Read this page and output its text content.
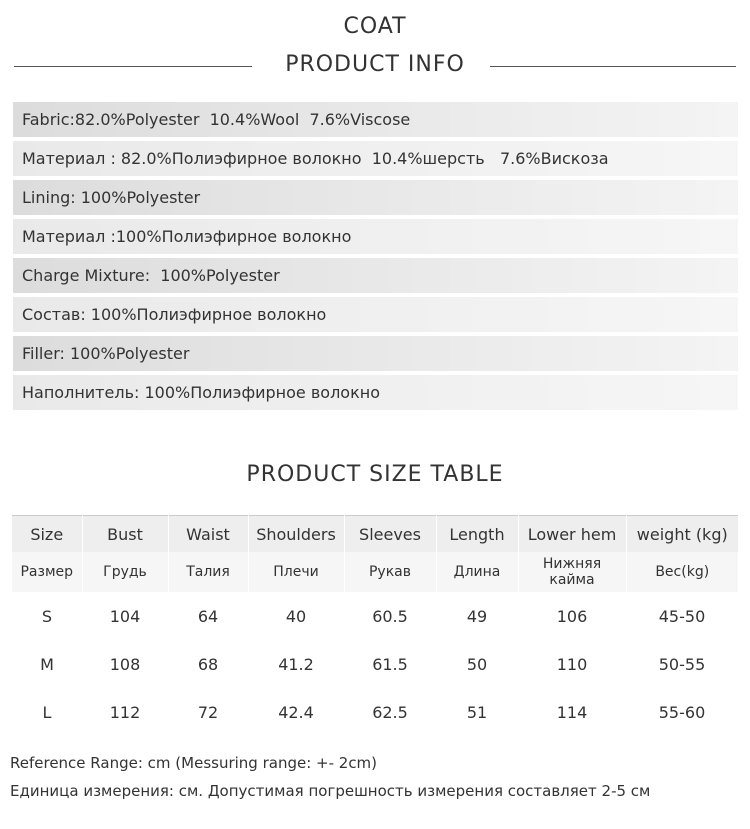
COAT
PRODUCT INFO
Fabric:82.0%Polyester  10.4%Wool  7.6%Viscose
Материал : 82.0%Полиэфирное волокно  10.4%шерсть   7.6%Вискоза
Lining: 100%Polyester
Материал :100%Полиэфирное волокно
Charge Mixture:  100%Polyester
Состав: 100%Полиэфирное волокно
Filler: 100%Polyester
Наполнитель: 100%Полиэфирное волокно
PRODUCT SIZE TABLE
Size	Bust	Waist	Shoulders	Sleeves	Length	Lower hem	weight (kg)
Размер	Грудь	Талия	Плечи	Рукав	Длина	Нижняя кайма	Вес(kg)
S	104	64	40	60.5	49	106	45-50
M	108	68	41.2	61.5	50	110	50-55
L	112	72	42.4	62.5	51	114	55-60
Reference Range: cm (Messuring range: +- 2cm)
Единица измерения: см. Допустимая погрешность измерения составляет 2-5 см
